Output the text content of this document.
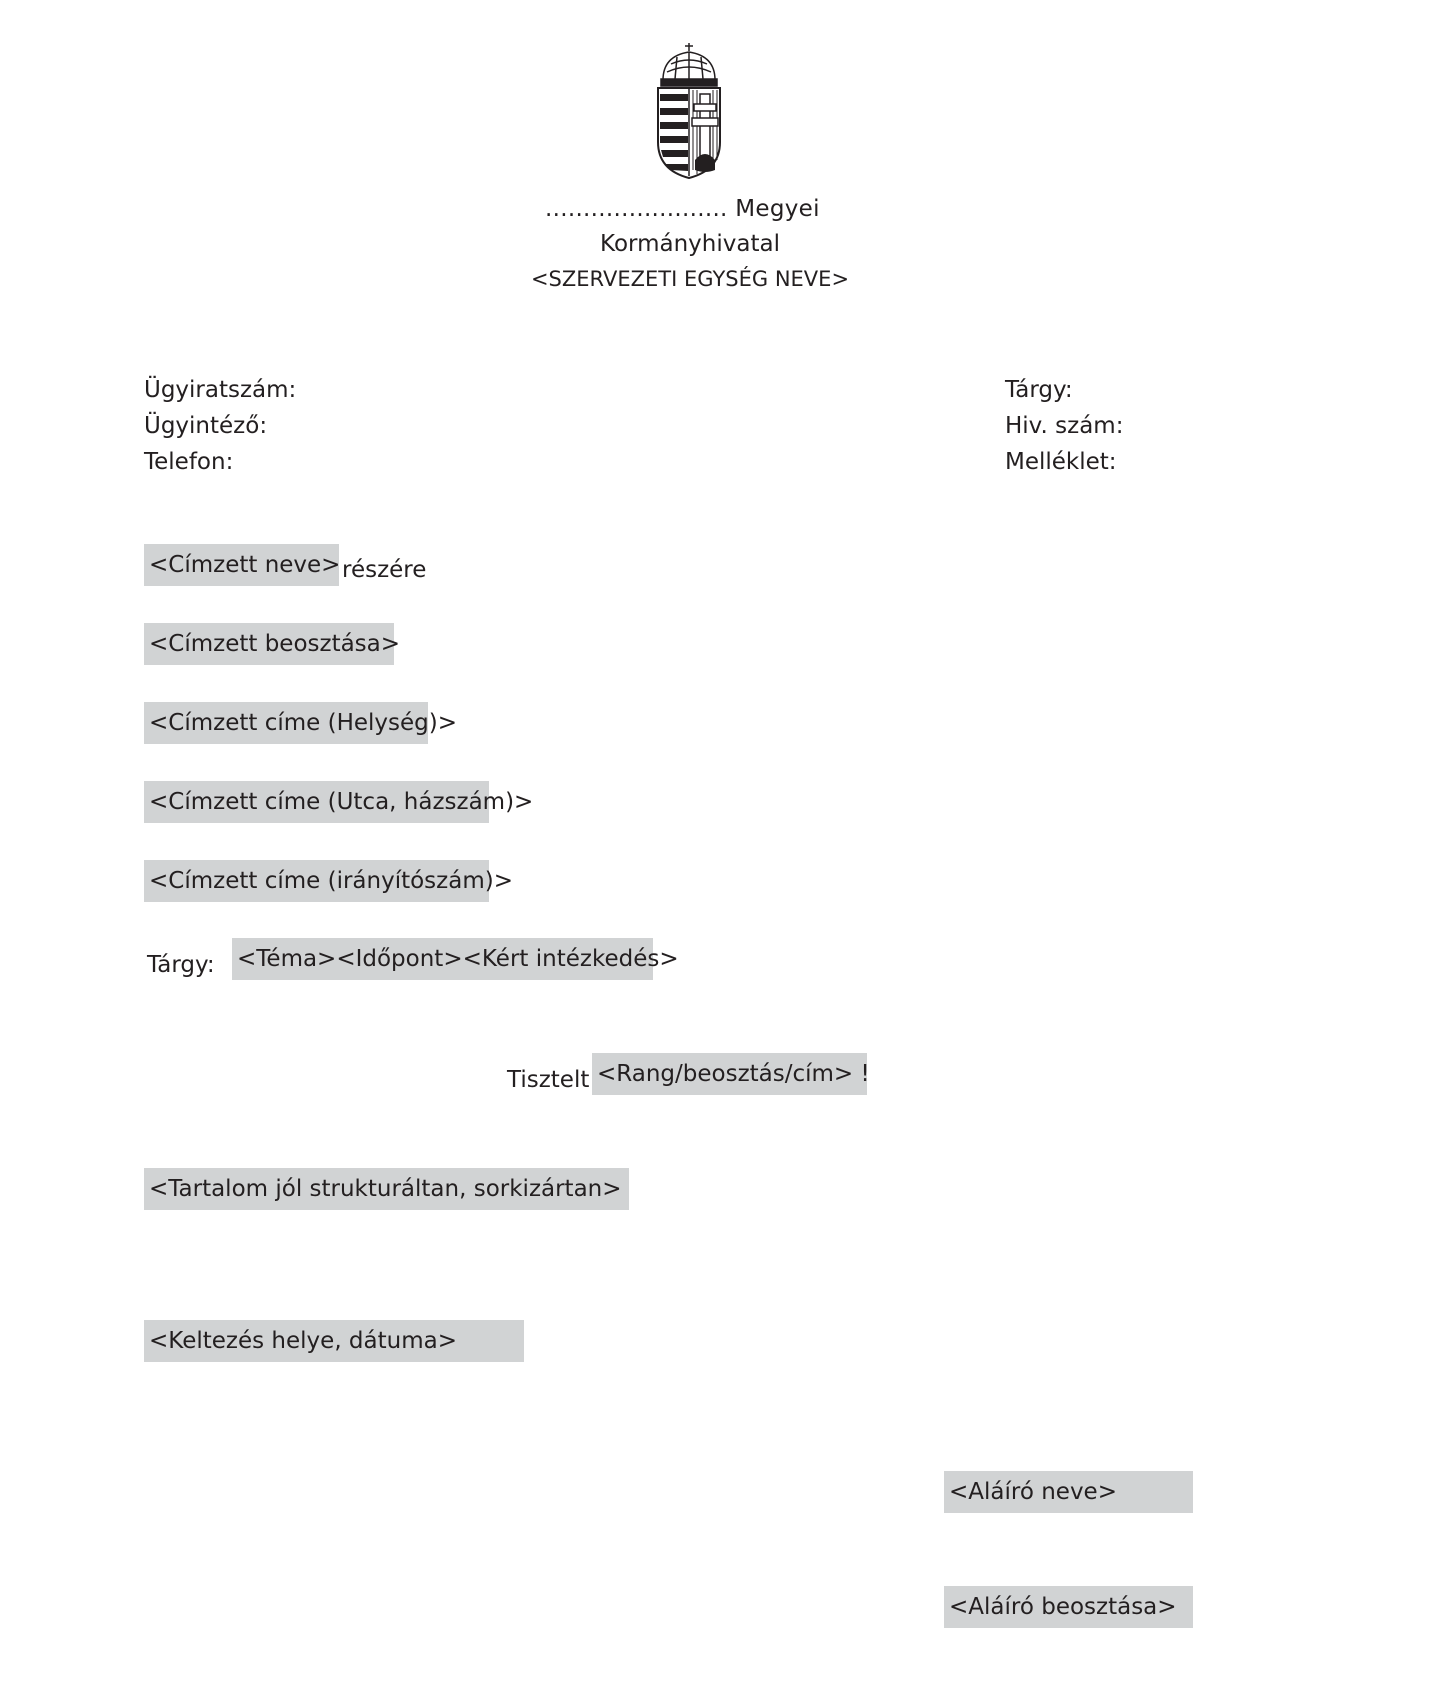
........................ Megyei
Kormányhivatal
<SZERVEZETI EGYSÉG NEVE>
Ügyiratszám:
Ügyintéző:
Telefon:
Tárgy:
Hiv. szám:
Melléklet:
<Címzett neve> részére
<Címzett beosztása>
<Címzett címe (Helység)>
<Címzett címe (Utca, házszám)>
<Címzett címe (irányítószám)>
Tárgy: <Téma><Időpont><Kért intézkedés>
Tisztelt <Rang/beosztás/cím> !
<Tartalom jól strukturáltan, sorkizártan>
<Keltezés helye, dátuma>
<Aláíró neve>
<Aláíró beosztása>
